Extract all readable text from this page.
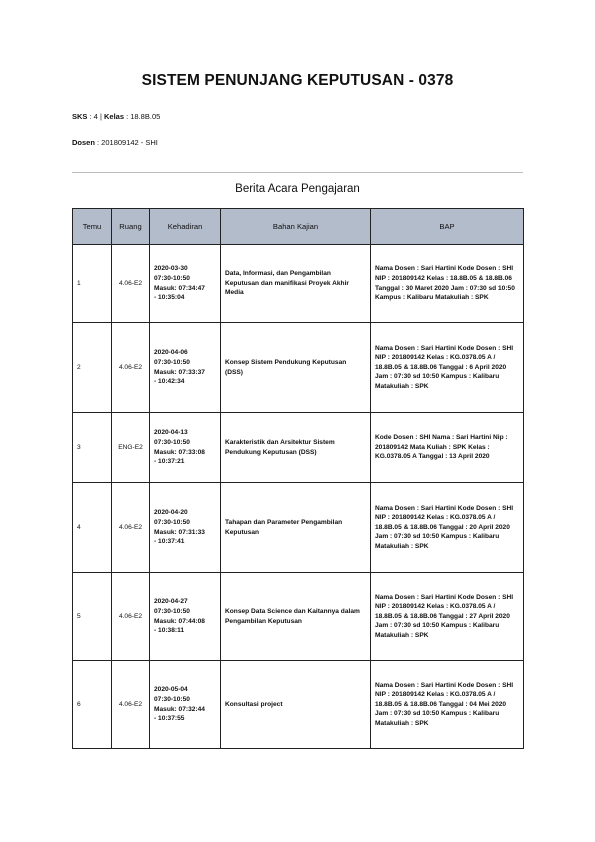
SISTEM PENUNJANG KEPUTUSAN - 0378
SKS : 4 | Kelas : 18.8B.05
Dosen : 201809142 - SHI
Berita Acara Pengajaran
Temu	Ruang	Kehadiran	Bahan Kajian	BAP
1	4.06-E2	2020-03-30
07:30-10:50
Masuk: 07:34:47
- 10:35:04	Data, Informasi, dan Pengambilan Keputusan dan manifikasi Proyek Akhir Media	Nama Dosen : Sari Hartini Kode Dosen : SHI NIP : 201809142 Kelas : 18.8B.05 & 18.8B.06 Tanggal : 30 Maret 2020 Jam : 07:30 sd 10:50 Kampus : Kalibaru Matakuliah : SPK
2	4.06-E2	2020-04-06
07:30-10:50
Masuk: 07:33:37
- 10:42:34	Konsep Sistem Pendukung Keputusan (DSS)	Nama Dosen : Sari Hartini Kode Dosen : SHI NIP : 201809142 Kelas : KG.0378.05 A / 18.8B.05 & 18.8B.06 Tanggal : 6 April 2020 Jam : 07:30 sd 10:50 Kampus : Kalibaru Matakuliah : SPK
3	ENG-E2	2020-04-13
07:30-10:50
Masuk: 07:33:08
- 10:37:21	Karakteristik dan Arsitektur Sistem Pendukung Keputusan (DSS)	Kode Dosen : SHI Nama : Sari Hartini Nip : 201809142 Mata Kuliah : SPK Kelas : KG.0378.05 A Tanggal : 13 April 2020
4	4.06-E2	2020-04-20
07:30-10:50
Masuk: 07:31:33
- 10:37:41	Tahapan dan Parameter Pengambilan Keputusan	Nama Dosen : Sari Hartini Kode Dosen : SHI NIP : 201809142 Kelas : KG.0378.05 A / 18.8B.05 & 18.8B.06 Tanggal : 20 April 2020 Jam : 07:30 sd 10:50 Kampus : Kalibaru Matakuliah : SPK
5	4.06-E2	2020-04-27
07:30-10:50
Masuk: 07:44:08
- 10:38:11	Konsep Data Science dan Kaitannya dalam Pengambilan Keputusan	Nama Dosen : Sari Hartini Kode Dosen : SHI NIP : 201809142 Kelas : KG.0378.05 A / 18.8B.05 & 18.8B.06 Tanggal : 27 April 2020 Jam : 07:30 sd 10:50 Kampus : Kalibaru Matakuliah : SPK
6	4.06-E2	2020-05-04
07:30-10:50
Masuk: 07:32:44
- 10:37:55	Konsultasi project	Nama Dosen : Sari Hartini Kode Dosen : SHI NIP : 201809142 Kelas : KG.0378.05 A / 18.8B.05 & 18.8B.06 Tanggal : 04 Mei 2020 Jam : 07:30 sd 10:50 Kampus : Kalibaru Matakuliah : SPK
